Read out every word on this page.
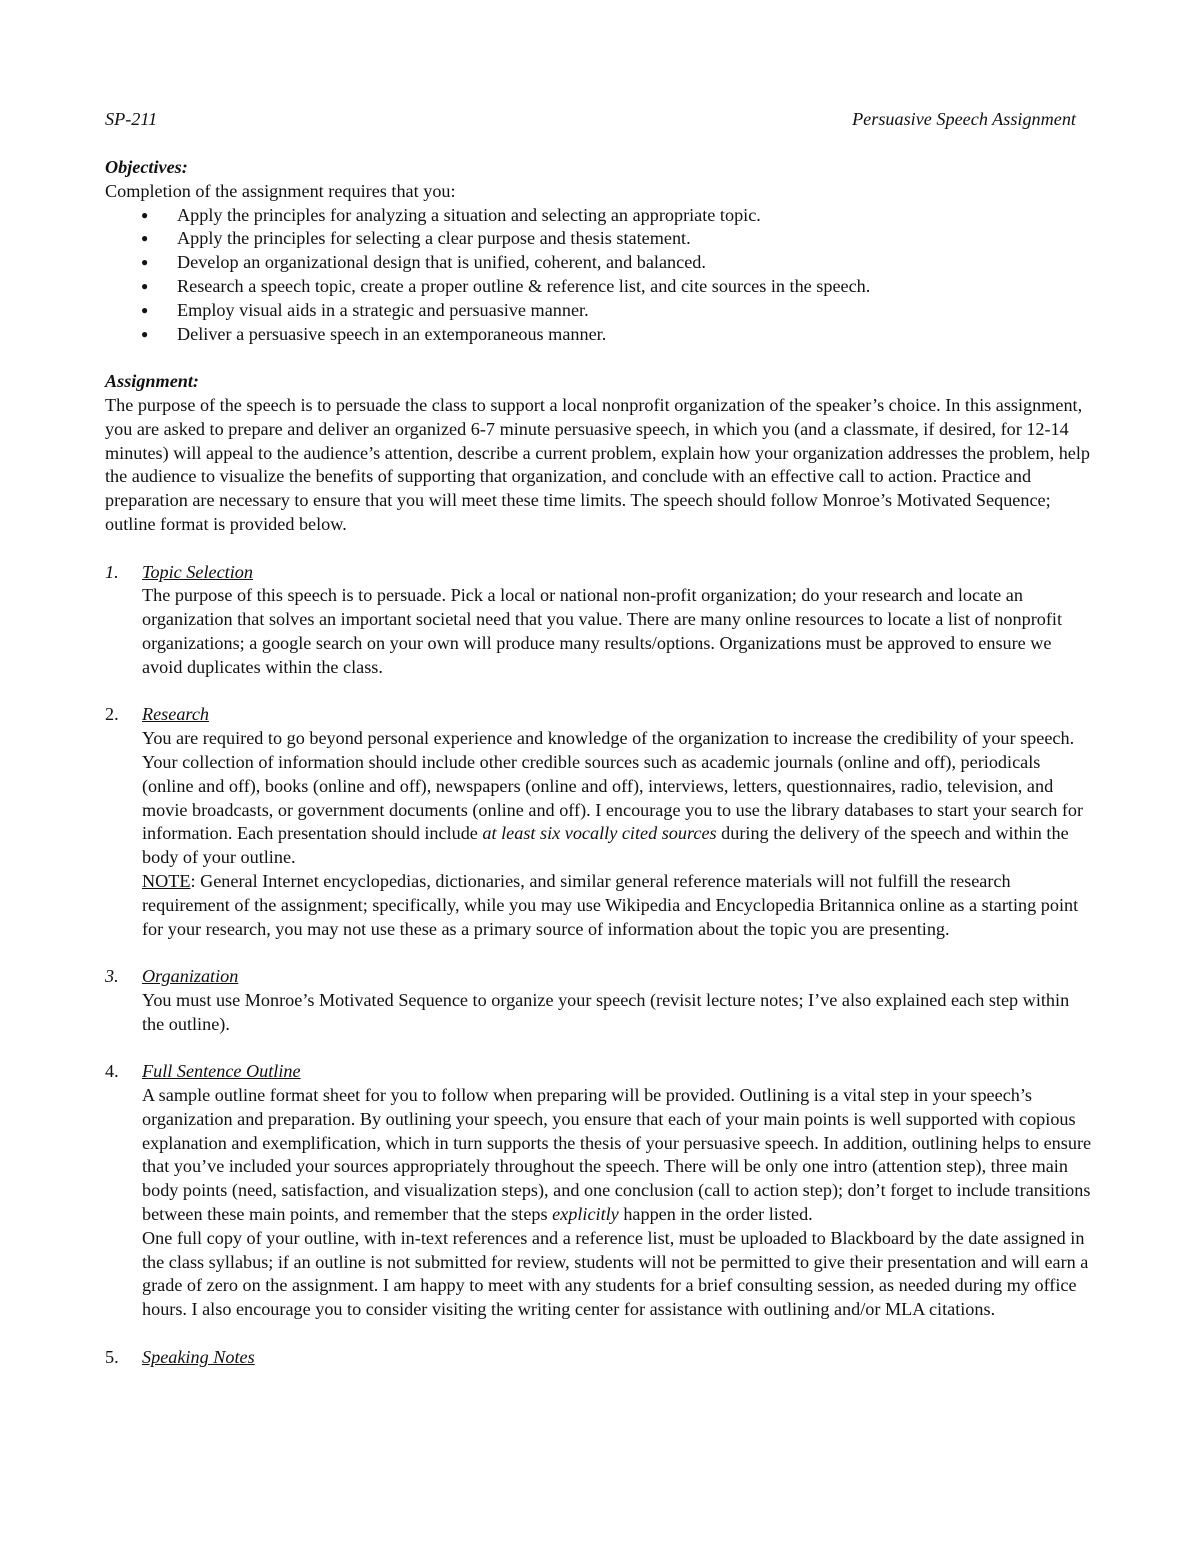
SP-211	Persuasive Speech Assignment
Objectives:
Completion of the assignment requires that you:
● Apply the principles for analyzing a situation and selecting an appropriate topic.
● Apply the principles for selecting a clear purpose and thesis statement.
● Develop an organizational design that is unified, coherent, and balanced.
● Research a speech topic, create a proper outline & reference list, and cite sources in the speech.
● Employ visual aids in a strategic and persuasive manner.
● Deliver a persuasive speech in an extemporaneous manner.
Assignment:

The purpose of the speech is to persuade the class to support a local nonprofit organization of the speaker’s choice. In this assignment, you are asked to prepare and deliver an organized 6-7 minute persuasive speech, in which you (and a classmate, if desired, for 12-14 minutes) will appeal to the audience’s attention, describe a current problem, explain how your organization addresses the problem, help the audience to visualize the benefits of supporting that organization, and conclude with an effective call to action. Practice and preparation are necessary to ensure that you will meet these time limits. The speech should follow Monroe’s Motivated Sequence; outline format is provided below.

1. Topic Selection

The purpose of this speech is to persuade. Pick a local or national non-profit organization; do your research and locate an organization that solves an important societal need that you value. There are many online resources to locate a list of nonprofit organizations; a google search on your own will produce many results/options. Organizations must be approved to ensure we avoid duplicates within the class.

2. Research

You are required to go beyond personal experience and knowledge of the organization to increase the credibility of your speech. Your collection of information should include other credible sources such as academic journals (online and off), periodicals (online and off), books (online and off), newspapers (online and off), interviews, letters, questionnaires, radio, television, and movie broadcasts, or government documents (online and off). I encourage you to use the library databases to start your search for information. Each presentation should include at least six vocally cited sources during the delivery of the speech and within the body of your outline.

NOTE: General Internet encyclopedias, dictionaries, and similar general reference materials will not fulfill the research requirement of the assignment; specifically, while you may use Wikipedia and Encyclopedia Britannica online as a starting point for your research, you may not use these as a primary source of information about the topic you are presenting.

3. Organization

You must use Monroe’s Motivated Sequence to organize your speech (revisit lecture notes; I’ve also explained each step within the outline).

4. Full Sentence Outline

A sample outline format sheet for you to follow when preparing will be provided. Outlining is a vital step in your speech’s organization and preparation. By outlining your speech, you ensure that each of your main points is well supported with copious explanation and exemplification, which in turn supports the thesis of your persuasive speech. In addition, outlining helps to ensure that you’ve included your sources appropriately throughout the speech. There will be only one intro (attention step), three main body points (need, satisfaction, and visualization steps), and one conclusion (call to action step); don’t forget to include transitions between these main points, and remember that the steps explicitly happen in the order listed.

One full copy of your outline, with in-text references and a reference list, must be uploaded to Blackboard by the date assigned in the class syllabus; if an outline is not submitted for review, students will not be permitted to give their presentation and will earn a grade of zero on the assignment. I am happy to meet with any students for a brief consulting session, as needed during my office hours. I also encourage you to consider visiting the writing center for assistance with outlining and/or MLA citations.

5. Speaking Notes
